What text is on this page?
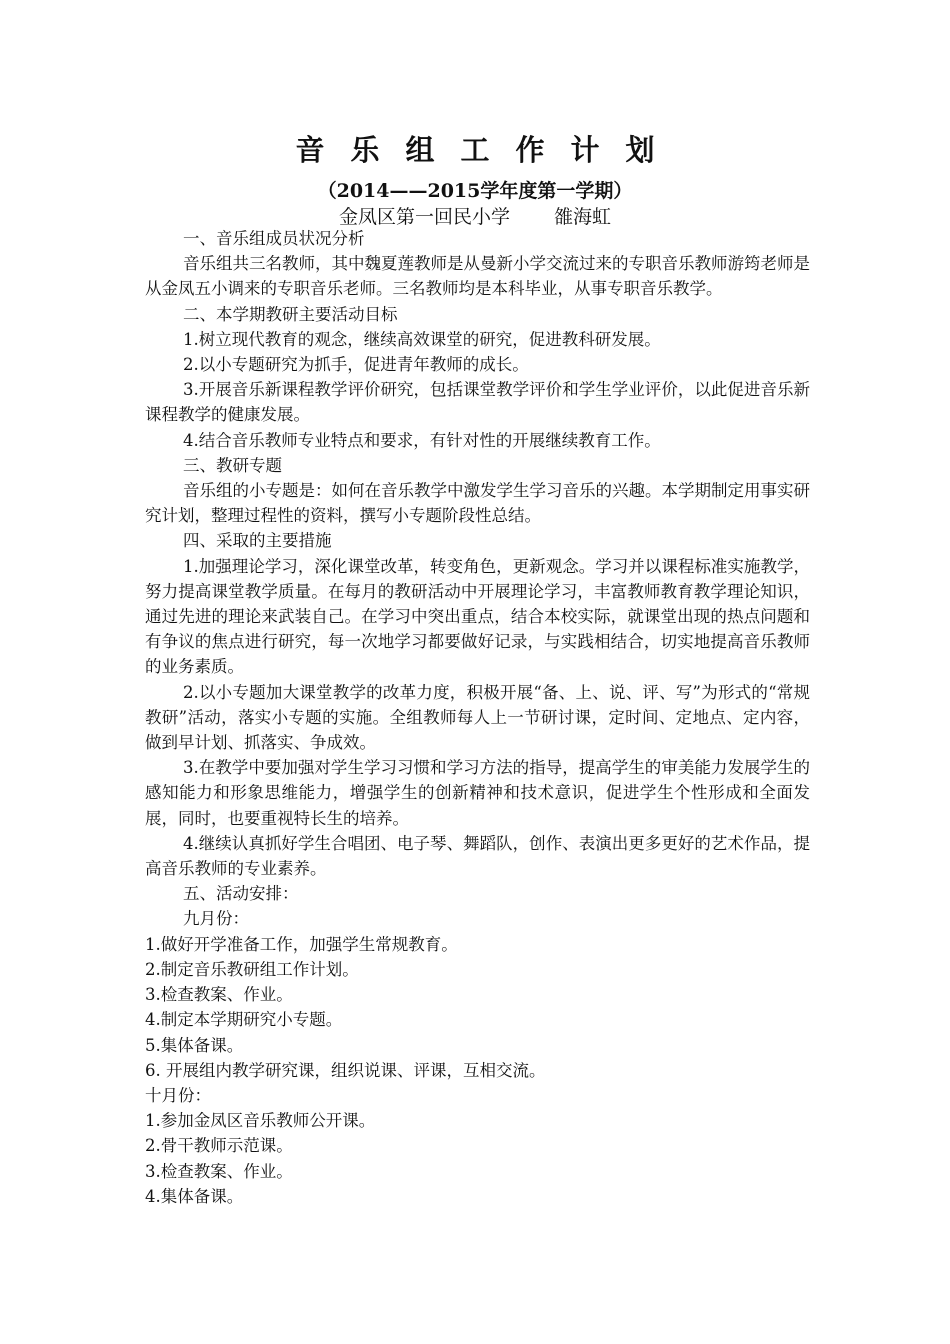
音乐组工作计划
（2014——2015学年度第一学期）
金凤区第一回民小学 雒海虹

一、音乐组成员状况分析

音乐组共三名教师，其中魏夏莲教师是从曼新小学交流过来的专职音乐教师游筠老师是从金凤五小调来的专职音乐老师。三名教师均是本科毕业，从事专职音乐教学。

二、本学期教研主要活动目标

1.树立现代教育的观念，继续高效课堂的研究，促进教科研发展。

2.以小专题研究为抓手，促进青年教师的成长。

3.开展音乐新课程教学评价研究，包括课堂教学评价和学生学业评价，以此促进音乐新课程教学的健康发展。

4.结合音乐教师专业特点和要求，有针对性的开展继续教育工作。

三、教研专题

音乐组的小专题是：如何在音乐教学中激发学生学习音乐的兴趣。本学期制定用事实研究计划，整理过程性的资料，撰写小专题阶段性总结。

四、采取的主要措施

1.加强理论学习，深化课堂改革，转变角色，更新观念。学习并以课程标准实施教学，努力提高课堂教学质量。在每月的教研活动中开展理论学习，丰富教师教育教学理论知识，通过先进的理论来武装自己。在学习中突出重点，结合本校实际，就课堂出现的热点问题和有争议的焦点进行研究，每一次地学习都要做好记录，与实践相结合，切实地提高音乐教师的业务素质。

2.以小专题加大课堂教学的改革力度，积极开展“备、上、说、评、写”为形式的“常规教研”活动，落实小专题的实施。全组教师每人上一节研讨课，定时间、定地点、定内容，做到早计划、抓落实、争成效。

3.在教学中要加强对学生学习习惯和学习方法的指导，提高学生的审美能力发展学生的感知能力和形象思维能力，增强学生的创新精神和技术意识，促进学生个性形成和全面发展，同时，也要重视特长生的培养。

4.继续认真抓好学生合唱团、电子琴、舞蹈队，创作、表演出更多更好的艺术作品，提高音乐教师的专业素养。

五、活动安排：

九月份：

1.做好开学准备工作，加强学生常规教育。

2.制定音乐教研组工作计划。

3.检查教案、作业。

4.制定本学期研究小专题。

5.集体备课。

6. 开展组内教学研究课，组织说课、评课，互相交流。

十月份：

1.参加金凤区音乐教师公开课。

2.骨干教师示范课。

3.检查教案、作业。

4.集体备课。
